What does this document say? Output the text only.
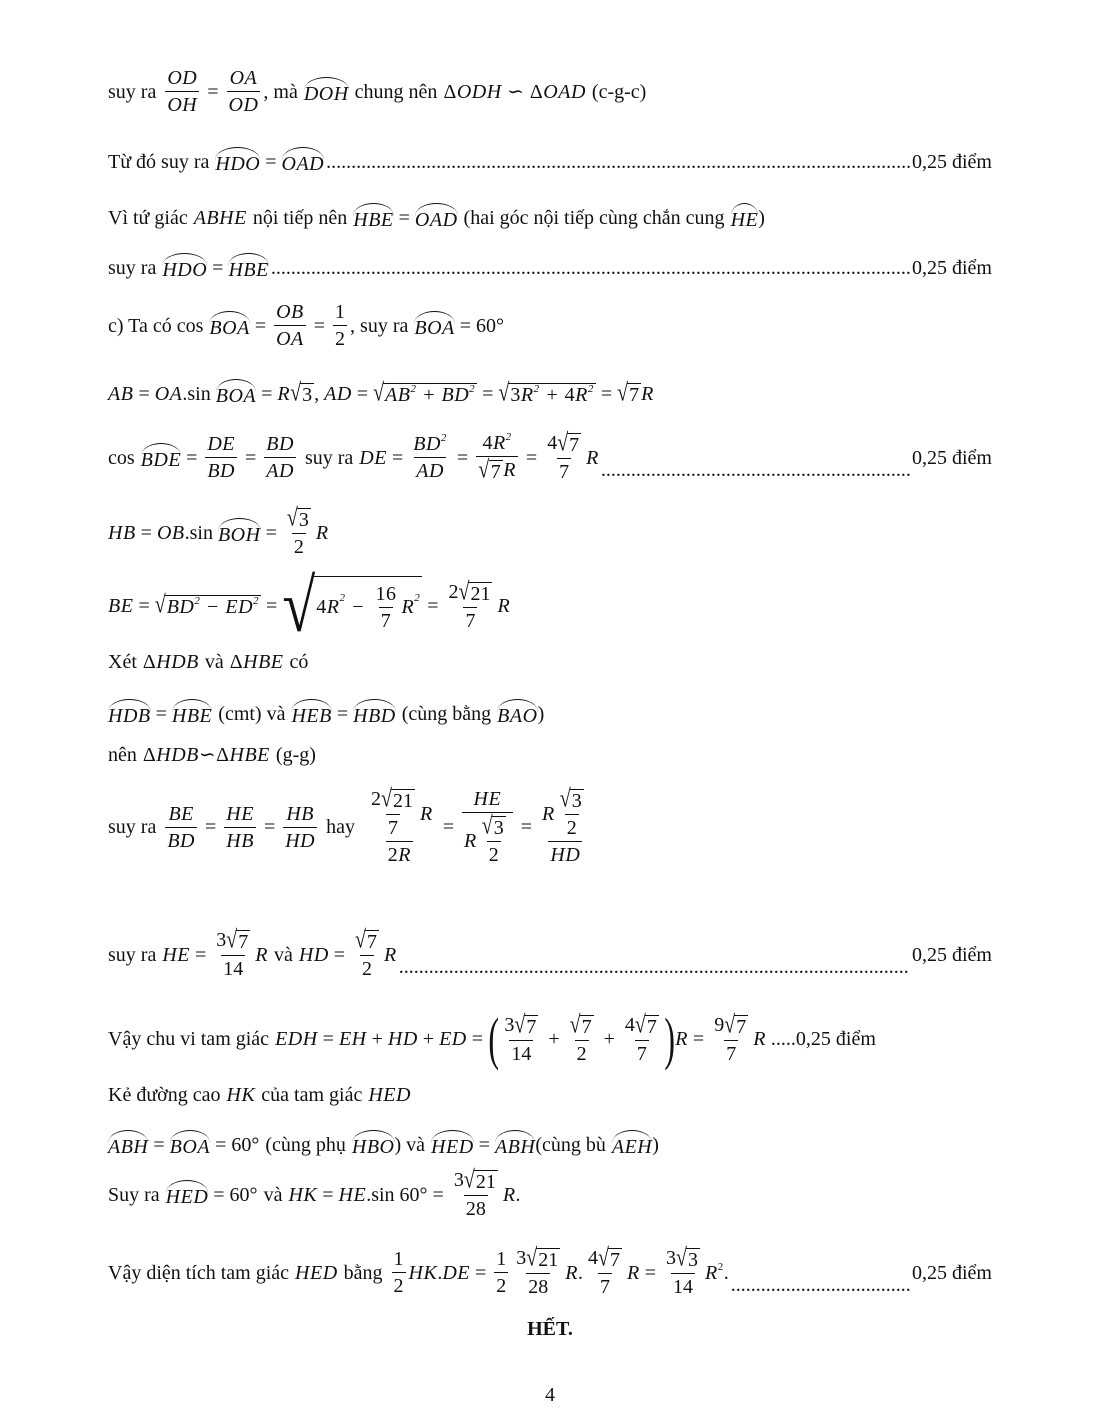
suy ra $\frac{OD}{OH} = \frac{OA}{OD}$ , mà DOH chung nên ΔODH ∽ ΔOAD (c-g-c)
Từ đó suy ra HDO = OAD .....	0,25 điểm
Vì tứ giác ABHE nội tiếp nên HBE = OAD (hai góc nội tiếp cùng chắn cung HE )
suy ra HDO = HBE .....	0,25 điểm
c) Ta có cos BOA = $\frac{OB}{OA} = \frac{1}{2}$ , suy ra BOA = 60°
AB = OA .sin BOA = R √ 3 , AD = √ $AB^2 + BD^2$ = √ $3R^2 + 4R^2$ = √ 7 R
cos BDE = $\frac{DE}{BD} = \frac{BD}{AD}$ suy ra DE = $\frac{BD^2}{AD} = \frac{4R^2}{√ 7 R} = \frac{4 √ 7}{7}$ R
.....	0,25 điểm
HB = OB .sin BOH = $\frac{√ 3}{2}$ R
BE = √ $BD^2 - ED^2$ = √ 4 R $2 - \frac{16}{7}$ R $2 = \frac{2 √ 21}{7}$ R
Xét ΔHDB và ΔHBE có
HDB = HBE (cmt) và HEB = HBD (cùng bằng BAO )
nên ΔHDB∽ΔHBE (g-g)
suy ra $\frac{BE}{BD} = \frac{HE}{HB} = \frac{HB}{HD}$ hay $\frac{\frac{2 √ 21}{7} R}{2R} = \frac{HE}{R \frac{√ 3}{2}} = \frac{R \frac{√ 3}{2}}{HD}$
suy ra HE = $\frac{3 √ 7}{14}$ R và HD = $\frac{√ 7}{2}$ R
.....	0,25 điểm
Vậy chu vi tam giác EDH = EH + HD + ED = ( $\frac{3 √ 7}{14} + \frac{√ 7}{2} + \frac{4 √ 7}{7}$ ) $R = \frac{9 √ 7}{7}$ R ..... 0,25 điểm
Kẻ đường cao HK của tam giác HED
ABH = BOA = 60° (cùng phụ HBO ) và HED = ABH (cùng bù AEH )
Suy ra HED = 60° và HK = HE .sin $60^\circ = \frac{3 √ 21}{28}$ R .
Vậy diện tích tam giác HED bằng $\frac{1}{2}$ HK . DE = $\frac{1}{2} \frac{3 √ 21}{28}$ R . $\frac{4 √ 7}{7}$ $R = \frac{3 √ 3}{14} R^2$ .
.....	0,25 điểm
HẾT.
4
